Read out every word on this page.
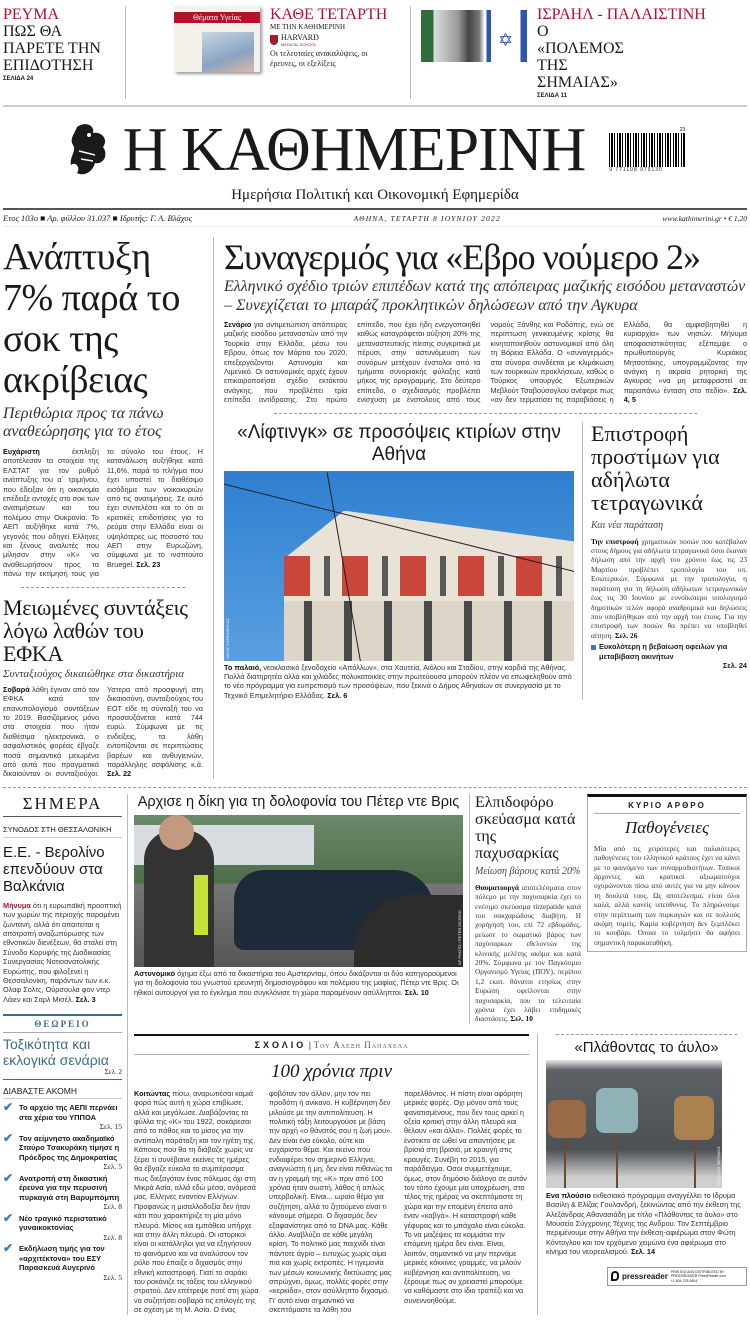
ΡΕΥΜΑ
ΠΩΣ ΘΑ ΠΑΡΕΤΕ ΤΗΝ ΕΠΙΔΟΤΗΣΗ
ΣΕΛΙΔΑ 24
Θέματα Υγείας	ΚΑΘΕ ΤΕΤΑΡΤΗ
ΜΕ ΤΗΝ ΚΑΘΗΜΕΡΙΝΗ
HARVARD
MEDICAL SCHOOL
Οι τελευταίες ανακαλύψεις, οι έρευνες, οι εξελίξεις
✡
ΙΣΡΑΗΛ - ΠΑΛΑΙΣΤΙΝΗ
Ο «ΠΟΛΕΜΟΣ ΤΗΣ ΣΗΜΑΙΑΣ»
ΣΕΛΙΔΑ 11
Η ΚΑΘΗΜΕΡΙΝΗ	23
9 771108 979130
Ημερήσια Πολιτική και Οικονομική Εφημερίδα
Ετος 103ο ■ Αρ. φύλλου 31.037 ■ Ιδρυτής: Γ. Α. Βλάχος	ΑΘΗΝΑ, ΤΕΤΑΡΤΗ 8 ΙΟΥΝΙΟΥ 2022	www.kathimerini.gr • € 1,20
Ανάπτυξη 7% παρά το σοκ της ακρίβειας
Περιθώρια προς τα πάνω αναθεώρησης για το έτος
Ευχάριστη έκπληξη αποτέλεσαν τα στοιχεία της ΕΛΣΤΑΤ για τον ρυθμό ανάπτυξης του α΄ τριμήνου, που έδειξαν ότι η οικονομία επέδειξε αντοχές στο σοκ των ανατιμήσεων και του πολέμου στην Ουκρανία. Το ΑΕΠ αυξήθηκε κατά 7%, γεγονός που οδηγεί Ελληνες και ξένους αναλυτές που μίλησαν στην «Κ» να αναθεωρήσουν προς τα πάνω την εκτίμησή τους για το σύνολο του έτους. Η κατανάλωση αυξήθηκε κατά 11,6%, παρά το πλήγμα που έχει υποστεί το διαθέσιμο εισόδημα των νοικοκυριών από τις ανατιμήσεις. Σε αυτό έχει συντελέσει και το ότι οι κρατικές επιδοτήσεις για το ρεύμα στην Ελλάδα είναι οι υψηλότερες ως ποσοστό του ΑΕΠ στην Ευρωζώνη, σύμφωνα με το ινστιτούτο Bruegel. Σελ. 23
Μειωμένες συντάξεις λόγω λαθών του ΕΦΚΑ
Συνταξιούχος δικαιώθηκε στα δικαστήρια
Σοβαρά λάθη έγιναν από τον ΕΦΚΑ κατά τον επανυπολογισμό συντάξεων το 2019. Βασιζόμενος μόνο στα στοιχεία που ήταν διαθέσιμα ηλεκτρονικά, ο ασφαλιστικός φορέας έβγαζε ποσά σημαντικά μειωμένα από αυτά που πραγματικά δικαιούνταν οι συνταξιούχοι. Υστερα από προσφυγή στη δικαιοσύνη, συνταξιούχος του ΕΟΤ είδε τη σύνταξή του να προσαυξάνεται κατά 744 ευρώ. Σύμφωνα με τις ενδείξεις, τα λάθη εντοπίζονται σε περιπτώσεις βαρέων και ανθυγιεινών, παράλληλης ασφάλισης κ.ά. Σελ. 22
Συναγερμός για «Εβρο νούμερο 2»
Ελληνικό σχέδιο τριών επιπέδων κατά της απόπειρας μαζικής εισόδου μεταναστών – Συνεχίζεται το μπαράζ προκλητικών δηλώσεων από την Αγκυρα
Σενάριο για αντιμετώπιση απόπειρας μαζικής εισόδου μεταναστών από την Τουρκία στην Ελλάδα, μέσω του Εβρου, όπως τον Μάρτιο του 2020, επεξεργάζονται Αστυνομία και Λιμενικό. Οι αστυνομικές αρχές έχουν επικαιροποιήσει σχέδιο εκτάκτου ανάγκης, που προβλέπει τρία επίπεδα αντίδρασης. Στο πρώτο επίπεδο, που έχει ήδη ενεργοποιηθεί καθώς καταγράφεται αύξηση 20% της μεταναστευτικής πίεσης συγκριτικά με πέρυσι, στην αστυνόμευση των συνόρων μετέχουν ένστολοι από τα τμήματα συνοριακής φύλαξης κατά μήκος της οριογραμμής. Στο δεύτερο επίπεδο, ο σχεδιασμός προβλέπει ενίσχυση με ένστολους από τους νομούς Ξάνθης και Ροδόπης, ενώ σε περίπτωση γενικευμένης κρίσης θα κινητοποιηθούν αστυνομικοί από όλη τη Βόρεια Ελλάδα. Ο «συναγερμός» στα σύνορα συνδέεται με κλιμάκωση των τουρκικών προκλήσεων, καθώς ο Τούρκος υπουργός Εξωτερικών Μεβλούτ Τσαβούσογλου ανέφερε πως «αν δεν τερματίσει τις παραβιάσεις η Ελλάδα, θα αμφισβητηθεί η κυριαρχία» των νησιών. Μήνυμα αποφασιστικότητας εξέπεμψε ο πρωθυπουργός Κυριάκος Μητσοτάκης, υπογραμμίζοντας την ανάγκη η ακραία ρητορική της Αγκυρας «να μη μεταφραστεί σε παραπάνω ένταση στο πεδίο». Σελ. 4, 5
«Λίφτινγκ» σε προσόψεις κτιρίων στην Αθήνα
ΝΙΚΟΣ ΚΑΡΑΝΙΚΟΛΑΣ
Το παλαιό, νεοκλασικό ξενοδοχείο «Απόλλων», στα Χαυτεία, Αιόλου και Σταδίου, στην καρδιά της Αθήνας. Πολλά διατηρητέα αλλά και χιλιάδες πολυκατοικίες στην πρωτεύουσα μπορούν πλέον να επωφεληθούν από το νέο πρόγραμμα για ευπρεπισμό των προσόψεων, που ξεκινά ο Δήμος Αθηναίων σε συνεργασία με το Τεχνικό Επιμελητήριο Ελλάδας. Σελ. 6
Επιστροφή προστίμων για αδήλωτα τετραγωνικά
Και νέα παράταση
Την επιστροφή χρηματικών ποσών που κατέβαλαν στους δήμους για αδήλωτα τετραγωνικά όσοι έκαναν δήλωση από την αρχή του χρόνου έως τις 23 Μαρτίου προβλέπει τροπολογία του υπ. Εσωτερικών. Σύμφωνα με την τροπολογία, η παράταση για τη δήλωση αδήλωτων τετραγωνικών έως τις 30 Ιουνίου με ευνοϊκότερο υπολογισμό δημοτικών τελών αφορά αναδρομικά και δηλώσεις που υποβλήθηκαν από την αρχή του έτους. Για την επιστροφή των ποσών θα πρέπει να υποβληθεί αίτηση. Σελ. 26
Ευκολότερη η βεβαίωση οφειλών για μεταβίβαση ακινήτων
Σελ. 24
ΣΗΜΕΡΑ
ΣΥΝΟΔΟΣ ΣΤΗ ΘΕΣΣΑΛΟΝΙΚΗ
Ε.Ε. - Βερολίνο επενδύουν στα Βαλκάνια
Μήνυμα ότι η ευρωπαϊκή προοπτική των χωρών της περιοχής παραμένει ζωντανή, αλλά ότι απαιτείται η αποτροπή αναζωπύρωσης των εθνοτικών διενέξεων, θα σταλεί στη Σύνοδο Κορυφής της Διαδικασίας Συνεργασίας Νοτιοανατολικής Ευρώπης, που φιλοξενεί η Θεσσαλονίκη, παρόντων των κ.κ. Ολαφ Σολτς, Ούρσουλα φον ντερ Λάιεν και Σαρλ Μισέλ. Σελ. 3
ΘΕΩΡΕΙΟ
Τοξικότητα και εκλογικά σενάρια
Σελ. 2
ΔΙΑΒΑΣΤΕ ΑΚΟΜΗ
✔ Το αρχείο της ΑΕΠΙ περνάει στα χέρια του ΥΠΠΟΑ
Σελ. 15
✔ Τον αείμνηστο ακαδημαϊκό Σταύρο Τσακυράκη τίμησε η Πρόεδρος της Δημοκρατίας
Σελ. 5
✔ Ανατροπή στη δικαστική έρευνα για την περυσινή πυρκαγιά στη Βαρυμπόμπη
Σελ. 8
✔ Νέο τραγικό περιστατικό γυναικοκτονίας
Σελ. 8
✔ Εκδήλωση τιμής για τον «αρχιτέκτονα» του ΕΣΥ Παρασκευά Αυγερινό
Σελ. 5
Αρχισε η δίκη για τη δολοφονία του Πέτερ ντε Βρις
AP PHOTO / PETER DEJONG
Αστυνομικό όχημα έξω από τα δικαστήρια του Αμστερνταμ, όπου δικάζονται οι δύο κατηγορούμενοι για τη δολοφονία του γνωστού ερευνητή δημοσιογράφου και πολέμιου της μαφίας, Πέτερ ντε Βρις. Οι ηθικοί αυτουργοί για το έγκλημα που συγκλόνισε τη χώρα παραμένουν ασύλληπτοι. Σελ. 10
Ελπιδοφόρο σκεύασμα κατά της παχυσαρκίας
Μείωση βάρους κατά 20%
Θαυματουργά αποτελέσματα στον πόλεμο με την παχυσαρκία έχει το ενέσιμο σκεύασμα tirzepatide κατά του σακχαρώδους διαβήτη. Η χορήγησή του, επί 72 εβδομάδες, μείωσε το σωματικό βάρος των παχύσαρκων εθελοντών της κλινικής μελέτης ακόμα και κατά 20%. Σύμφωνα με τον Παγκόσμιο Οργανισμό Υγείας (ΠΟΥ), περίπου 1,2 εκατ. θάνατοι ετησίως στην Ευρώπη οφείλονται στην παχυσαρκία, που τα τελευταία χρόνια έχει λάβει επιδημικές διαστάσεις. Σελ. 10
ΚΥΡΙΟ ΑΡΘΡΟ
Παθογένειες
Μία από τις χειρότερες και παλαιότερες παθογένειες του ελληνικού κράτους έχει να κάνει με το φαινόμενο των συναρμοδιοτήτων. Τοπικοί άρχοντες και κρατικοί αξιωματούχοι οχυρώνονται πίσω από αυτές για να μην κάνουν τη δουλειά τους. Ως αποτέλεσμα, είναι όλοι καλά, αλλά κανείς υπεύθυνος. Το πληρώνουμε στην περίπτωση των πυρκαγιών και σε πολλούς ακόμη τομείς. Καμία κυβέρνηση δεν ξεμπλέκει το κουβάρι. Οποια το τολμήσει θα αφήσει σημαντική παρακαταθήκη.
ΣΧΟΛΙΟ | Του Αλεξη Παπαχελα
100 χρόνια πριν
Κοιτώντας πίσω, αναρωτιέσαι καμιά φορά πώς αυτή η χώρα επιβίωσε, αλλά και μεγάλωσε. Διαβάζοντας τα φύλλα της «Κ» του 1922, σοκάρεσαι από το πάθος και το μίσος για την αντίπαλη παράταξη και τον ηγέτη της. Κάποιος που θα τη διάβαζε χωρίς να ξέρει τι συνέβαινε εκείνες τις ημέρες θα έβγαζε εύκολα το συμπέρασμα πως διεξαγόταν ένας πόλεμος όχι στη Μικρά Ασία, αλλά εδώ μέσα, ανάμεσά μας. Ελληνες εναντίον Ελλήνων. Προφανώς η μισαλλοδοξία δεν ήταν κάτι που χαρακτήριζε τη μία μόνο πλευρά. Μίσος και εμπάθεια υπήρχε και στην άλλη πλευρά. Οι ιστορικοί είναι οι κατάλληλοι για να εξηγήσουν το φαινόμενο και να αναλύσουν τον ρόλο που έπαιξε ο διχασμός στην εθνική καταστροφή. Γιατί το σαράκι του ροκάνιζε τις τάξεις του ελληνικού στρατού. Δεν επέτρεψε ποτέ στη χώρα να συζητήσει σοβαρά τις επιλογές της σε σχέση με τη Μ. Ασία. Ο ένας φοβόταν τον άλλον, μην τον πει προδότη ή ανίκανο. Η κυβέρνηση δεν μιλούσε με την αντιπολίτευση. Η πολιτική τάξη λειτουργούσε με βάση την αρχή «ο θάνατός σου η ζωή μου». Δεν είναι ένα εύκολο, ούτε και ευχάριστο θέμα. Και εκείνο που ενδιαφέρει τον σημερινό Ελληνα, αναγνώστη ή μη, δεν είναι πιθανώς τα αν η γραμμή της «Κ» πριν από 100 χρόνια ήταν σωστή, λάθος ή απλώς υπερβολική. Είναι... ωραίο θέμα για συζήτηση, αλλά το ζητούμενο είναι τι κάνουμε σήμερα. Ο διχασμός δεν εξαφανίστηκε από το DNA μας. Κάθε άλλο. Αναβλύζει σε κάθε μεγάλη κρίση. Το πολιτικό μας παιχνίδι είναι πάντοτε άγριο – ευτυχώς χωρίς αίμα πια και χωρίς εκτροπές. Η ηγεμονία των μέσων κοινωνικής δικτύωσης μας σπρώχνει, όμως, πολλές φορές στην «κερκίδα», στον ασύλληπτο διχασμό. Γι' αυτό είναι σημαντικό να σκεπτόμαστε τα λάθη του παρελθόντος. Η πίστη είναι αφόρητη μερικές φορές. Οχι μόνον από τους φανατισμένους, που δεν τους αρκεί η οξεία κριτική στην άλλη πλευρά και θέλουν «και άλλα». Πολλές φορές το ένστικτο σε ωθεί να απαντήσεις με βρισιά στη βρισιά, με κραυγή στις κραυγές. Συνέβη το 2015, για παράδειγμα. Οσοι συμμετέχουμε, όμως, στον δημόσιο διάλογο σε αυτόν τον τόπο έχουμε μία υποχρέωση, στο τέλος της ημέρας να σκεπτόμαστε τη χώρα και την επομένη έπειτα από έναν «καβγά». Η καταστροφή κάθε γέφυρας και το μπάχαλο είναι εύκολα. Το να μαζέψεις τα κομμάτια την επόμενη ημέρα δεν είναι. Είναι, λοιπόν, σημαντικό να μην περνάμε μερικές κόκκινες γραμμές, να μιλούν κυβέρνηση και αντιπολίτευση, να ξέρουμε πως αν χρειαστεί μπορούμε να καθόμαστε στο ίδιο τραπέζι και να συνεννοηθούμε.
«Πλάθοντας το άυλο»
ΠΕΡΙΚΛΗΣ ΜΕΡΑΚΟΣ
Ενα πλούσιο εκθεσιακό πρόγραμμα αναγγέλλει το Ιδρυμα Βασίλη & Ελίζας Γουλανδρή, ξεκινώντας από την έκθεση της Αλεξάνδρας Αθανασιάδη με τίτλο «Πλάθοντας το άυλο» στο Μουσείο Σύγχρονης Τέχνης της Ανδρου. Τον Σεπτέμβριο περιμένουμε στην Αθήνα την έκθεση-αφιέρωμα στον Φώτη Κόντογλου και τον ερχόμενο χειμώνα ένα αφιέρωμα στο κίνημα του νεορεαλισμού. Σελ. 14
pressreader
PRINTED AND DISTRIBUTED BY PRESSREADER PressReader.com +1 604 278 4604
